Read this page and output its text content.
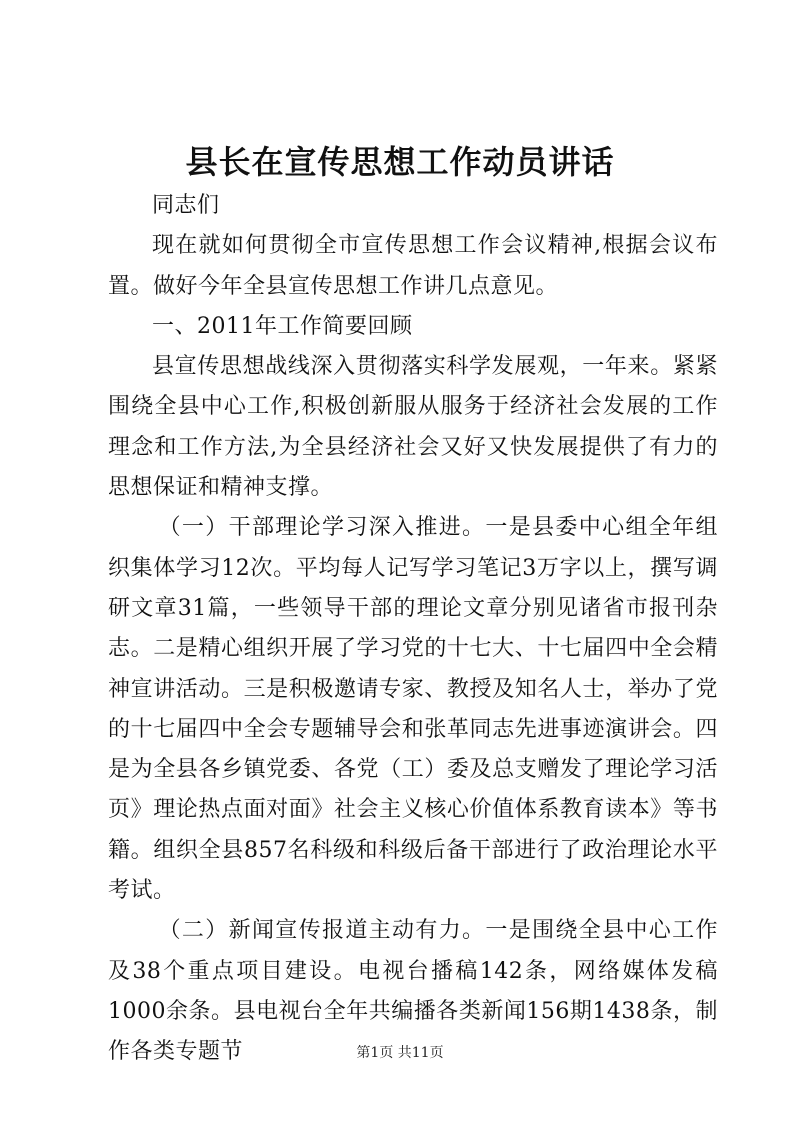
县长在宣传思想工作动员讲话

同志们

现在就如何贯彻全市宣传思想工作会议精神,根据会议布置。做好今年全县宣传思想工作讲几点意见。

一、2011年工作简要回顾

县宣传思想战线深入贯彻落实科学发展观，一年来。紧紧围绕全县中心工作,积极创新服从服务于经济社会发展的工作理念和工作方法,为全县经济社会又好又快发展提供了有力的思想保证和精神支撑。

（一）干部理论学习深入推进。一是县委中心组全年组织集体学习12次。平均每人记写学习笔记3万字以上，撰写调研文章31篇，一些领导干部的理论文章分别见诸省市报刊杂志。二是精心组织开展了学习党的十七大、十七届四中全会精神宣讲活动。三是积极邀请专家、教授及知名人士，举办了党的十七届四中全会专题辅导会和张革同志先进事迹演讲会。四是为全县各乡镇党委、各党（工）委及总支赠发了理论学习活页》理论热点面对面》社会主义核心价值体系教育读本》等书籍。组织全县857名科级和科级后备干部进行了政治理论水平考试。

（二）新闻宣传报道主动有力。一是围绕全县中心工作及38个重点项目建设。电视台播稿142条，网络媒体发稿1000余条。县电视台全年共编播各类新闻156期1438条，制作各类专题节	第1页 共11页
